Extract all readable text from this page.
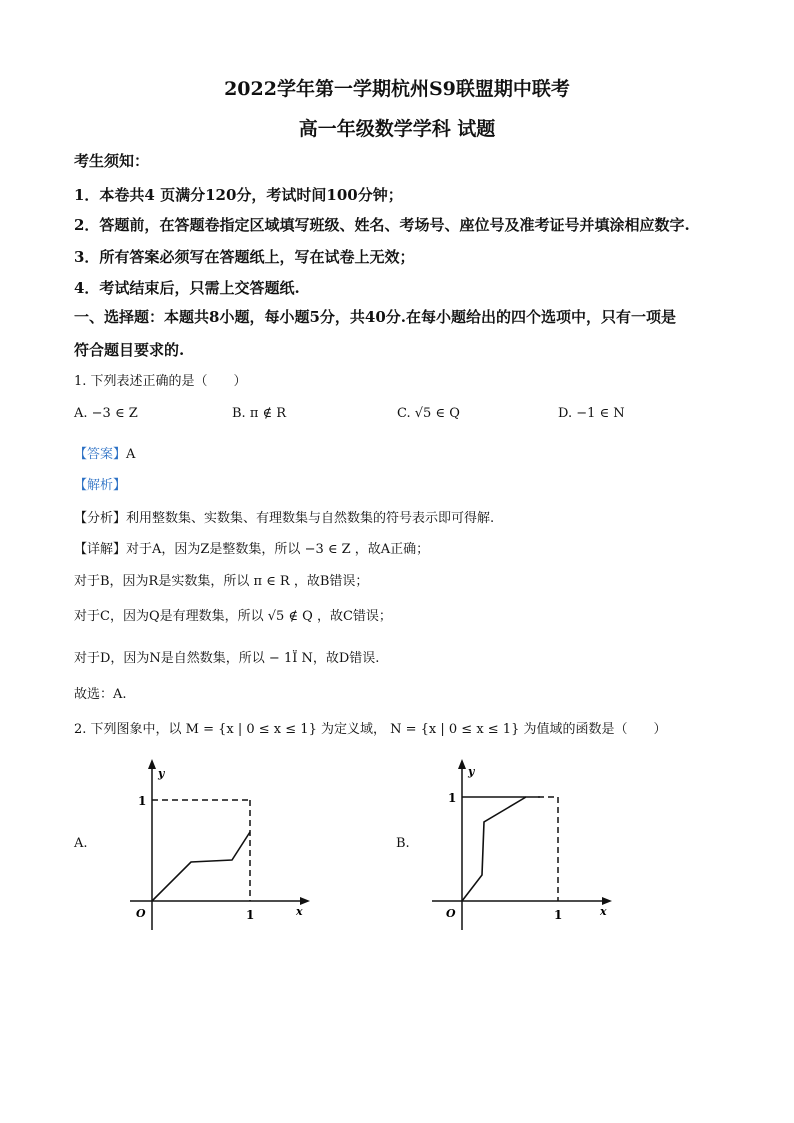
2022学年第一学期杭州S9联盟期中联考
高一年级数学学科 试题
考生须知：
1．本卷共4 页满分120分，考试时间100分钟；
2．答题前，在答题卷指定区域填写班级、姓名、考场号、座位号及准考证号并填涂相应数字.
3．所有答案必须写在答题纸上，写在试卷上无效；
4．考试结束后，只需上交答题纸.
一、选择题：本题共8小题，每小题5分，共40分.在每小题给出的四个选项中，只有一项是
符合题目要求的.
1. 下列表述正确的是（　　）
A. −3 ∈ Z	B. π ∉ R	C. √5 ∈ Q	D. −1 ∈ N
【答案】A
【解析】
【分析】利用整数集、实数集、有理数集与自然数集的符号表示即可得解.
【详解】对于A，因为Z是整数集，所以 −3 ∈ Z ，故A正确；
对于B，因为R是实数集，所以 π ∈ R ，故B错误；
对于C，因为Q是有理数集，所以 √5 ∉ Q ，故C错误；
对于D，因为N是自然数集，所以 − 1Ï N，故D错误.
故选：A.
2. 下列图象中，以 M = {x | 0 ≤ x ≤ 1} 为定义域， N = {x | 0 ≤ x ≤ 1} 为值域的函数是（　　）
A.	B.
y
x
O
1
1
y
x
O
1
1
